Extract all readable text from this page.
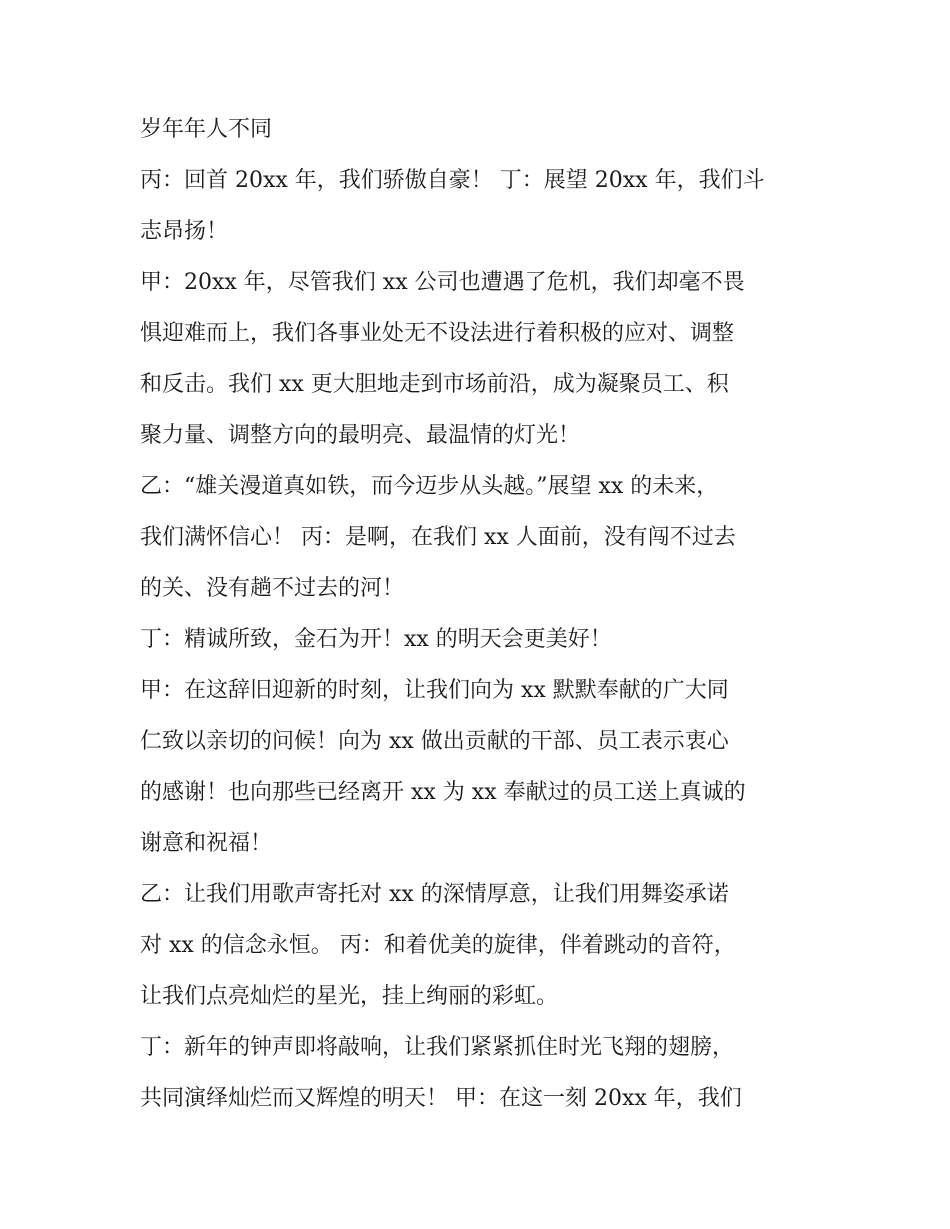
岁年年人不同
丙：回首 20xx 年，我们骄傲自豪！ 丁：展望 20xx 年，我们斗
志昂扬！
甲：20xx 年，尽管我们 xx 公司也遭遇了危机，我们却毫不畏
惧迎难而上，我们各事业处无不设法进行着积极的应对、调整
和反击。我们 xx 更大胆地走到市场前沿，成为凝聚员工、积
聚力量、调整方向的最明亮、最温情的灯光！
乙：“雄关漫道真如铁，而今迈步从头越。”展望 xx 的未来，
我们满怀信心！ 丙：是啊，在我们 xx 人面前，没有闯不过去
的关、没有趟不过去的河！
丁：精诚所致，金石为开！xx 的明天会更美好！
甲：在这辞旧迎新的时刻，让我们向为 xx 默默奉献的广大同
仁致以亲切的问候！向为 xx 做出贡献的干部、员工表示衷心
的感谢！也向那些已经离开 xx 为 xx 奉献过的员工送上真诚的
谢意和祝福！
乙：让我们用歌声寄托对 xx 的深情厚意，让我们用舞姿承诺
对 xx 的信念永恒。 丙：和着优美的旋律，伴着跳动的音符，
让我们点亮灿烂的星光，挂上绚丽的彩虹。
丁：新年的钟声即将敲响，让我们紧紧抓住时光飞翔的翅膀，
共同演绎灿烂而又辉煌的明天！ 甲：在这一刻 20xx 年，我们
